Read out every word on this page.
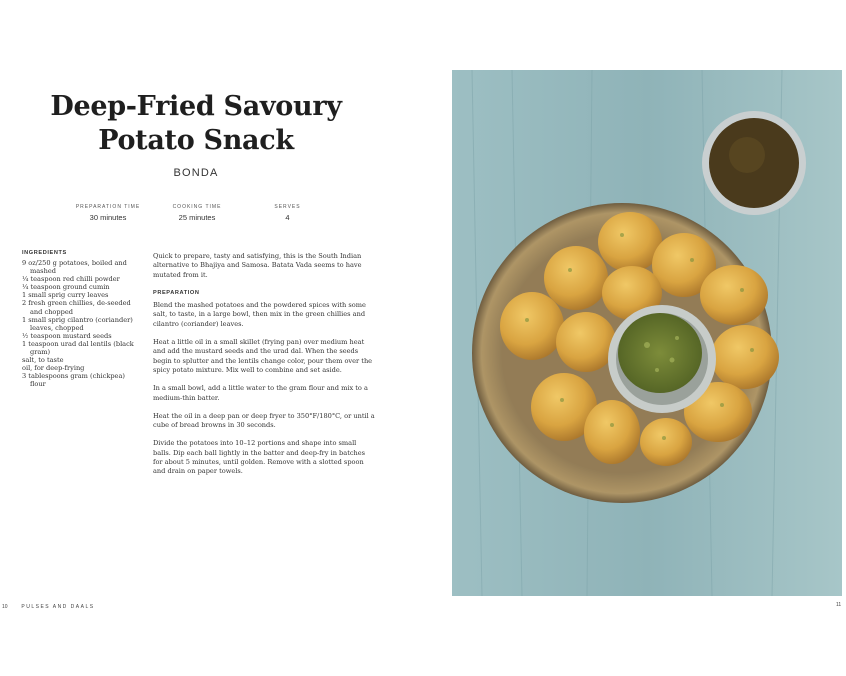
Deep-Fried Savoury
Potato Snack
BONDA
PREPARATION TIME
30 minutes
COOKING TIME
25 minutes
SERVES
4
INGREDIENTS
9 oz/250 g potatoes, boiled and mashed
¼ teaspoon red chilli powder
¼ teaspoon ground cumin
1 small sprig curry leaves
2 fresh green chillies, de-seeded and chopped
1 small sprig cilantro (coriander) leaves, chopped
½ teaspoon mustard seeds
1 teaspoon urad dal lentils (black gram)
salt, to taste
oil, for deep-frying
3 tablespoons gram (chickpea) flour

Quick to prepare, tasty and satisfying, this is the South Indian alternative to Bhajiya and Samosa. Batata Vada seems to have mutated from it.

PREPARATION

Blend the mashed potatoes and the powdered spices with some salt, to taste, in a large bowl, then mix in the green chillies and cilantro (coriander) leaves.

Heat a little oil in a small skillet (frying pan) over medium heat and add the mustard seeds and the urad dal. When the seeds begin to splutter and the lentils change color, pour them over the spicy potato mixture. Mix well to combine and set aside.

In a small bowl, add a little water to the gram flour and mix to a medium-thin batter.

Heat the oil in a deep pan or deep fryer to 350°F/180°C, or until a cube of bread browns in 30 seconds.

Divide the potatoes into 10–12 portions and shape into small balls. Dip each ball lightly in the batter and deep-fry in batches for about 5 minutes, until golden. Remove with a slotted spoon and drain on paper towels.

10	PULSES AND DAALS	11
